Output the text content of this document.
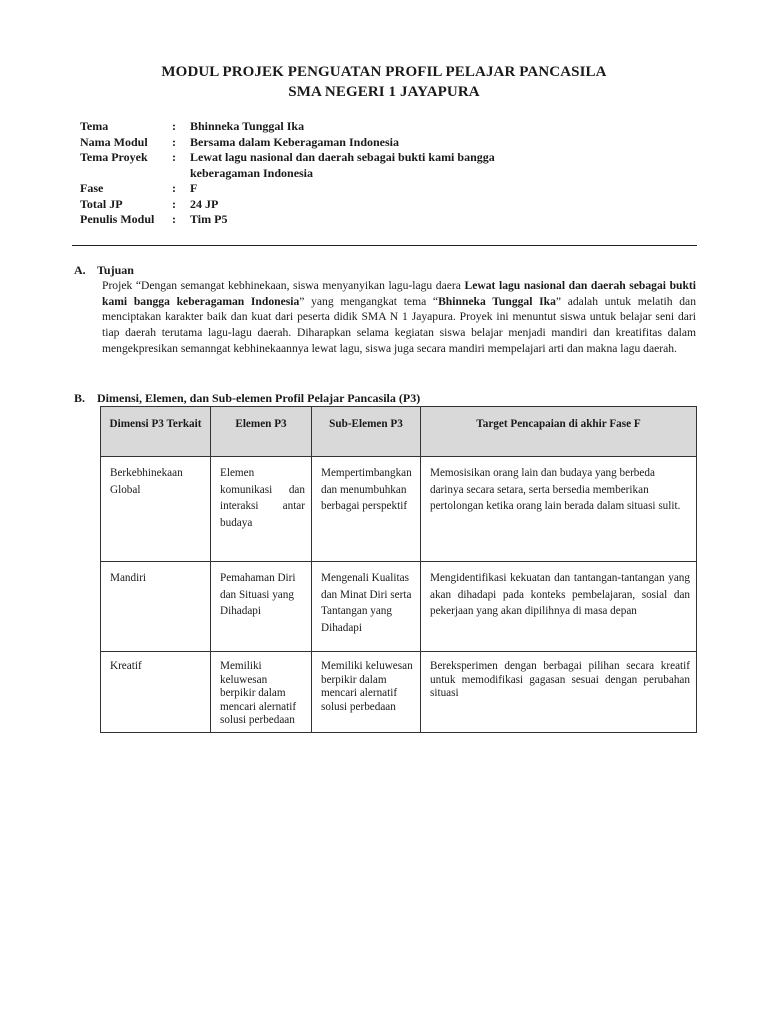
MODUL PROJEK PENGUATAN PROFIL PELAJAR PANCASILA
SMA NEGERI 1 JAYAPURA
Tema	:	Bhinneka Tunggal Ika
Nama Modul	:	Bersama dalam Keberagaman Indonesia
Tema Proyek	:	Lewat lagu nasional dan daerah sebagai bukti kami bangga keberagaman Indonesia
Fase	:	F
Total JP	:	24 JP
Penulis Modul	:	Tim P5
A. Tujuan

Projek “Dengan semangat kebhinekaan, siswa menyanyikan lagu-lagu daera Lewat lagu nasional dan daerah sebagai bukti kami bangga keberagaman Indonesia” yang mengangkat tema “Bhinneka Tunggal Ika” adalah untuk melatih dan menciptakan karakter baik dan kuat dari peserta didik SMA N 1 Jayapura. Proyek ini menuntut siswa untuk belajar seni dari tiap daerah terutama lagu-lagu daerah. Diharapkan selama kegiatan siswa belajar menjadi mandiri dan kreatifitas dalam mengekpresikan semanngat kebhinekaannya lewat lagu, siswa juga secara mandiri mempelajari arti dan makna lagu daerah.

B. Dimensi, Elemen, dan Sub-elemen Profil Pelajar Pancasila (P3)
Dimensi P3 Terkait	Elemen P3	Sub-Elemen P3	Target Pencapaian di akhir Fase F
Berkebhinekaan Global	Elemen komunikasi dan interaksi antar budaya	Mempertimbangkan dan menumbuhkan berbagai perspektif	Memosisikan orang lain dan budaya yang berbeda darinya secara setara, serta bersedia memberikan pertolongan ketika orang lain berada dalam situasi sulit.
Mandiri	Pemahaman Diri dan Situasi yang Dihadapi	Mengenali Kualitas dan Minat Diri serta Tantangan yang Dihadapi	Mengidentifikasi kekuatan dan tantangan-tantangan yang akan dihadapi pada konteks pembelajaran, sosial dan pekerjaan yang akan dipilihnya di masa depan
Kreatif	Memiliki keluwesan berpikir dalam mencari alernatif solusi perbedaan	Memiliki keluwesan berpikir dalam mencari alernatif solusi perbedaan	Bereksperimen dengan berbagai pilihan secara kreatif untuk memodifikasi gagasan sesuai dengan perubahan situasi
